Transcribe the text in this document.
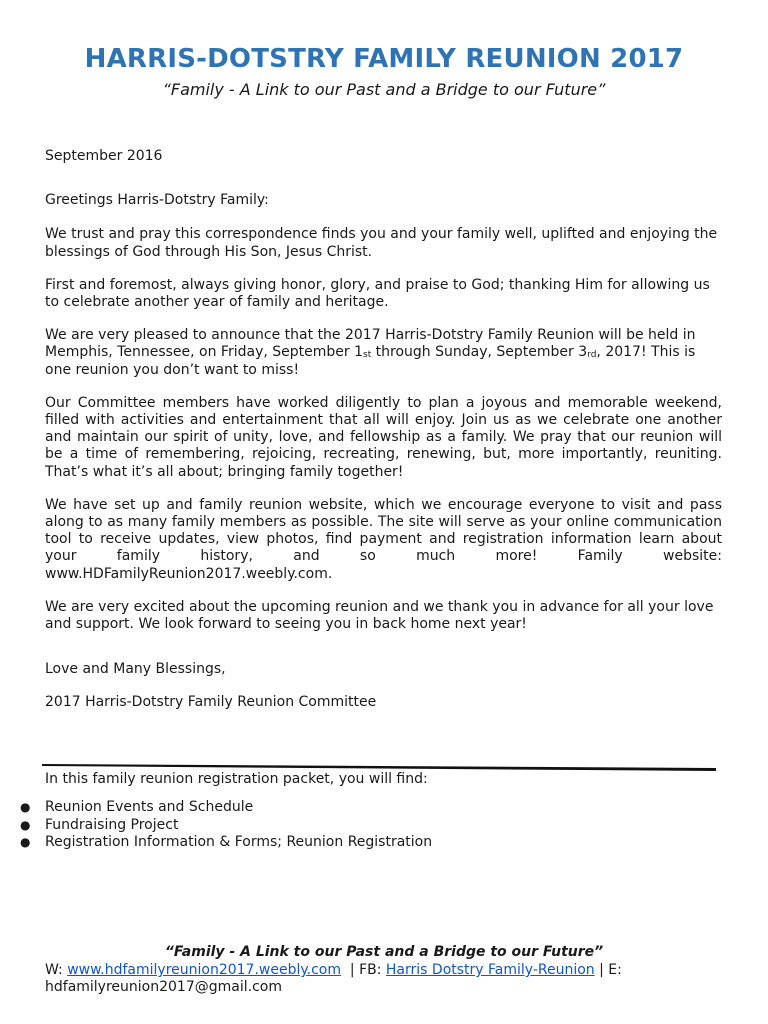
HARRIS-DOTSTRY FAMILY REUNION 2017
“Family - A Link to our Past and a Bridge to our Future”

September 2016

Greetings Harris-Dotstry Family:

We trust and pray this correspondence finds you and your family well, uplifted and enjoying the blessings of God through His Son, Jesus Christ.

First and foremost, always giving honor, glory, and praise to God; thanking Him for allowing us to celebrate another year of family and heritage.

We are very pleased to announce that the 2017 Harris-Dotstry Family Reunion will be held in Memphis, Tennessee, on Friday, September $1_{st}$ through Sunday, September $3_{rd}$, 2017! This is one reunion you don’t want to miss!

Our Committee members have worked diligently to plan a joyous and memorable weekend, filled with activities and entertainment that all will enjoy. Join us as we celebrate one another and maintain our spirit of unity, love, and fellowship as a family. We pray that our reunion will be a time of remembering, rejoicing, recreating, renewing, but, more importantly, reuniting. That’s what it’s all about; bringing family together!

We have set up and family reunion website, which we encourage everyone to visit and pass along to as many family members as possible. The site will serve as your online communication tool to receive updates, view photos, find payment and registration information learn about your family history, and so much more! Family website: www.HDFamilyReunion2017.weebly.com.

We are very excited about the upcoming reunion and we thank you in advance for all your love and support. We look forward to seeing you in back home next year!

Love and Many Blessings,

2017 Harris-Dotstry Family Reunion Committee

In this family reunion registration packet, you will find:
● Reunion Events and Schedule
● Fundraising Project
● Registration Information & Forms; Reunion Registration
“Family - A Link to our Past and a Bridge to our Future”
W: www.hdfamilyreunion2017.weebly.com  | FB: Harris Dotstry Family-Reunion | E:
hdfamilyreunion2017@gmail.com
